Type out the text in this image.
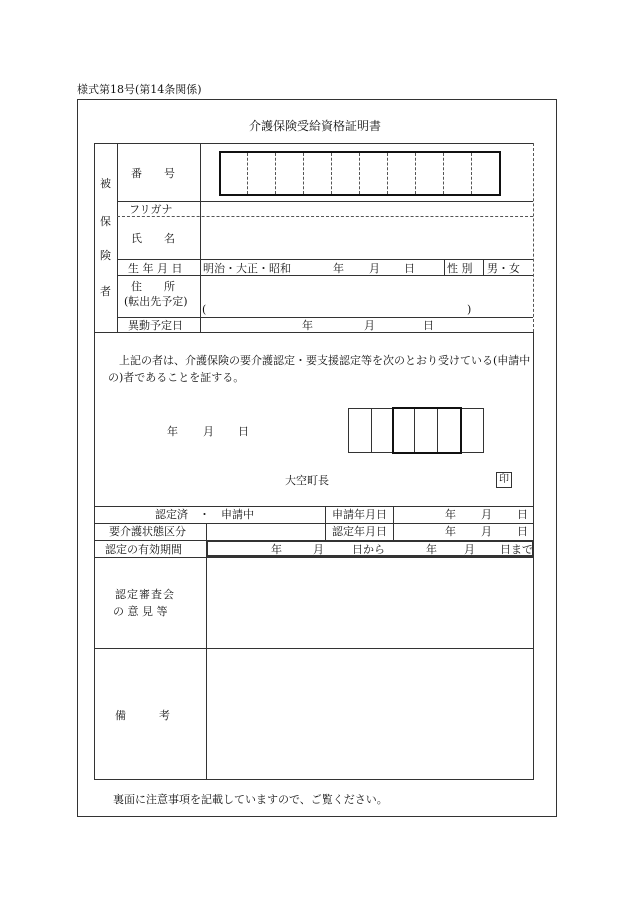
様式第18号(第14条関係)
介護保険受給資格証明書
被
保
険
者
番　　号
フリガナ
氏　　名
生 年 月 日 明治・大正・昭和	年 月 日	性 別 男・女
住　　所
(転出先予定)
(	)
異動予定日	年	月	日
上記の者は、介護保険の要介護認定・要支援認定等を次のとおり受けている(申請中の)者であることを証する。
年 月 日
大空町長	印
認定済　・　申請中	申請年月日	年 月 日
要介護状態区分	認定年月日	年 月 日
認定の有効期間	年	月	日から	年 月 日まで
認定審査会
の 意 見 等
備　　　考
裏面に注意事項を記載していますので、ご覧ください。
